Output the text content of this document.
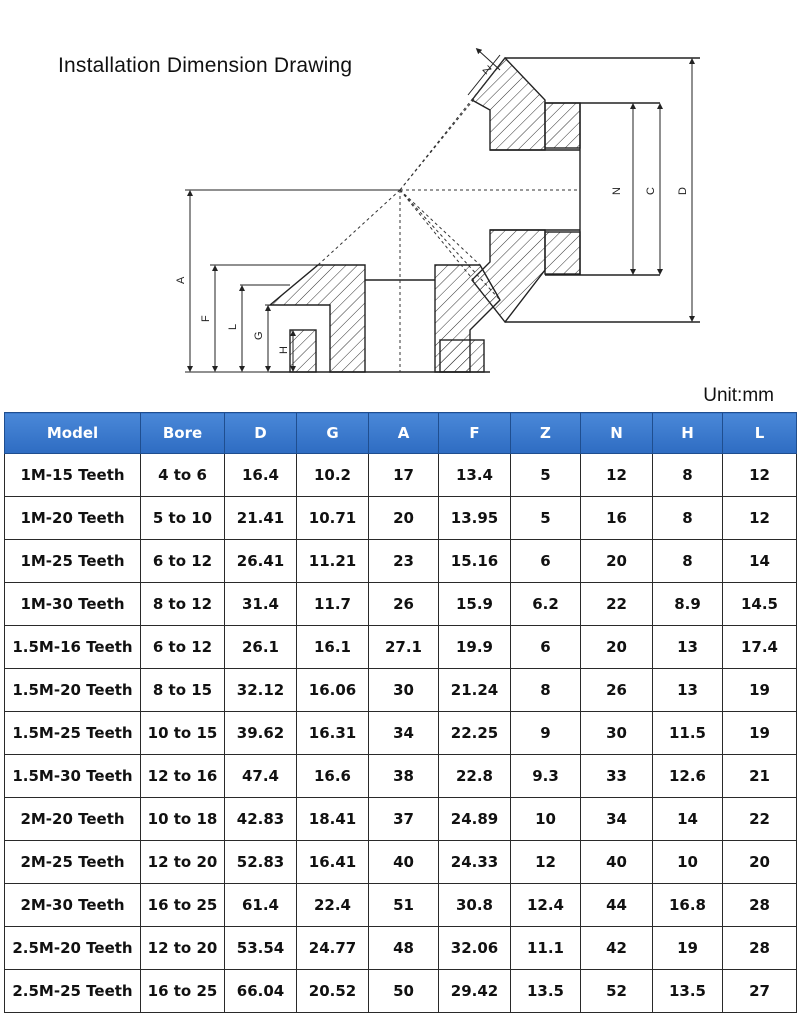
Installation Dimension Drawing	Z
N C D
A
F
L
G
H
Unit:mm
Model	Bore	D	G	A	F	Z	N	H	L
1M-15 Teeth	4 to 6	16.4	10.2	17	13.4	5	12	8	12
1M-20 Teeth	5 to 10	21.41	10.71	20	13.95	5	16	8	12
1M-25 Teeth	6 to 12	26.41	11.21	23	15.16	6	20	8	14
1M-30 Teeth	8 to 12	31.4	11.7	26	15.9	6.2	22	8.9	14.5
1.5M-16 Teeth	6 to 12	26.1	16.1	27.1	19.9	6	20	13	17.4
1.5M-20 Teeth	8 to 15	32.12	16.06	30	21.24	8	26	13	19
1.5M-25 Teeth	10 to 15	39.62	16.31	34	22.25	9	30	11.5	19
1.5M-30 Teeth	12 to 16	47.4	16.6	38	22.8	9.3	33	12.6	21
2M-20 Teeth	10 to 18	42.83	18.41	37	24.89	10	34	14	22
2M-25 Teeth	12 to 20	52.83	16.41	40	24.33	12	40	10	20
2M-30 Teeth	16 to 25	61.4	22.4	51	30.8	12.4	44	16.8	28
2.5M-20 Teeth	12 to 20	53.54	24.77	48	32.06	11.1	42	19	28
2.5M-25 Teeth	16 to 25	66.04	20.52	50	29.42	13.5	52	13.5	27
